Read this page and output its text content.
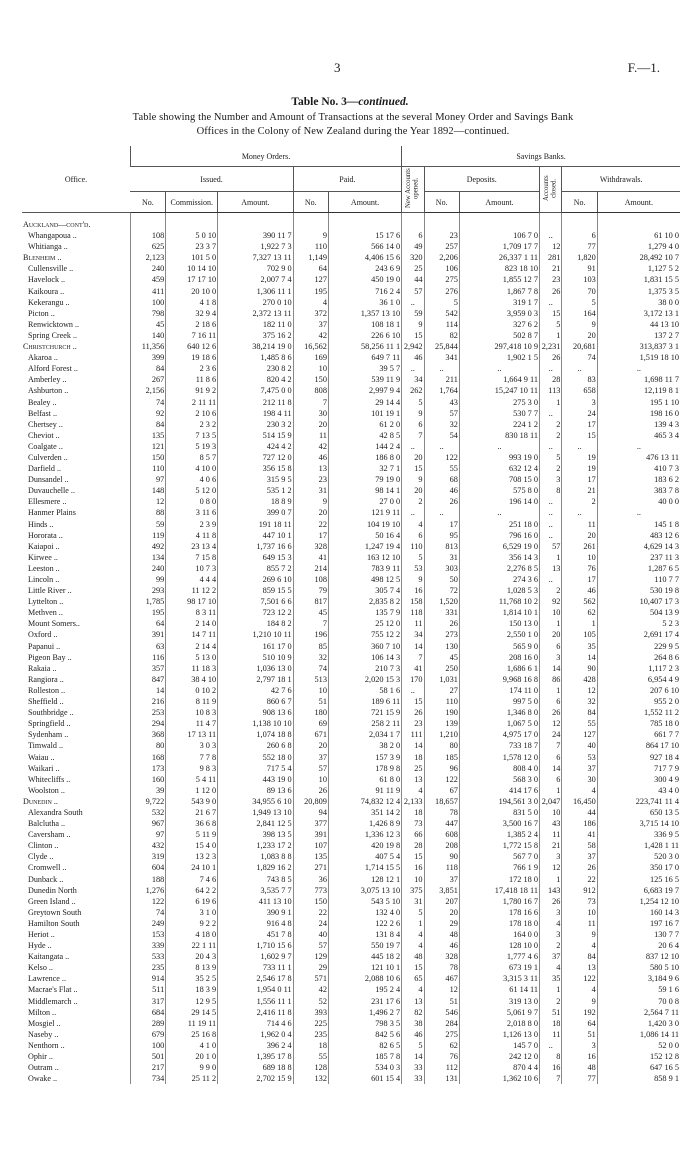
3	F.—1.
Table No. 3—continued.
Table showing the Number and Amount of Transactions at the several Money Order and Savings Bank
Offices in the Colony of New Zealand during the Year 1892—continued.
Office.	Money Orders.					Savings Banks.					
	Issued.			Paid.		New Accounts opened.	Deposits.		Accounts closed.	Withdrawals.	
	No.	Commission.	Amount.	No.	Amount.		No.	Amount.		No.	Amount.
Auckland—cont'd.											
Whangapoua ..	108	5 0 10	390 11 7	9	15 17 6	6	23	106 7 0	..	6	61 10 0
Whitianga ..	625	23 3 7	1,922 7 3	110	566 14 0	49	257	1,709 17 7	12	77	1,279 4 0
Blenheim ..	2,123	101 5 0	7,327 13 11	1,149	4,406 15 6	320	2,206	26,337 1 11	281	1,820	28,492 10 7
Cullensville ..	240	10 14 10	702 9 0	64	243 6 9	25	106	823 18 10	21	91	1,127 5 2
Havelock ..	459	17 17 10	2,007 7 4	127	450 19 0	44	275	1,855 12 7	23	103	1,831 15 5
Kaikoura ..	411	20 10 0	1,306 11 1	195	716 2 4	57	276	1,867 7 8	26	70	1,375 3 5
Kekerangu ..	100	4 1 8	270 0 10	4	36 1 0	..	5	319 1 7	..	5	38 0 0
Picton ..	798	32 9 4	2,372 13 11	372	1,357 13 10	59	542	3,959 0 3	15	164	3,172 13 1
Renwicktown ..	45	2 18 6	182 11 0	37	108 18 1	9	114	327 6 2	5	9	44 13 10
Spring Creek ..	140	7 16 11	375 16 2	42	226 6 10	15	82	502 8 7	1	20	137 2 7
Christchurch ..	11,356	640 12 6	38,214 19 0	16,562	58,256 11 1	2,942	25,844	297,418 10 9	2,231	20,681	313,837 3 1
Akaroa ..	399	19 18 6	1,485 8 6	169	649 7 11	46	341	1,902 1 5	26	74	1,519 18 10
Alford Forest ..	84	2 3 6	230 8 2	10	39 5 7	..	..	..	..	..	..
Amberley ..	267	11 8 6	820 4 2	150	539 11 9	34	211	1,664 9 11	28	83	1,698 11 7
Ashburton ..	2,156	91 9 2	7,475 0 0	808	2,997 9 4	262	1,764	15,247 10 11	113	658	12,119 8 1
Bealey ..	74	2 11 11	212 11 8	7	29 14 4	5	43	275 3 0	1	3	195 1 10
Belfast ..	92	2 10 6	198 4 11	30	101 19 1	9	57	530 7 7	..	24	198 16 0
Chertsey ..	84	2 3 2	230 3 2	20	61 2 0	6	32	224 1 2	2	17	139 4 3
Cheviot ..	135	7 13 5	514 15 9	11	42 8 5	7	54	830 18 11	2	15	465 3 4
Coalgate ..	121	5 19 3	424 4 2	42	144 2 4	..	..	..	..	..	..
Culverden ..	150	8 5 7	727 12 0	46	186 8 0	20	122	993 19 0	5	19	476 13 11
Darfield ..	110	4 10 0	356 15 8	13	32 7 1	15	55	632 12 4	2	19	410 7 3
Dunsandel ..	97	4 0 6	315 9 5	23	79 19 0	9	68	708 15 0	3	17	183 6 2
Duvauchelle ..	148	5 12 0	535 1 2	31	98 14 1	20	46	575 8 0	8	21	383 7 8
Ellesmere ..	12	0 8 0	18 8 9	9	27 0 0	2	26	196 14 0	..	2	40 0 0
Hanmer Plains	88	3 11 6	399 0 7	20	121 9 11	..	..	..	..	..	..
Hinds ..	59	2 3 9	191 18 11	22	104 19 10	4	17	251 18 0	..	11	145 1 8
Hororata ..	119	4 11 8	447 10 1	17	50 16 4	6	95	796 16 0	..	20	483 12 6
Kaiapoi ..	492	23 13 4	1,737 16 6	328	1,247 19 4	110	813	6,529 19 0	57	261	4,629 14 3
Kirwee ..	134	7 15 8	649 15 3	41	163 12 10	5	31	356 14 3	1	10	237 11 3
Leeston ..	240	10 7 3	855 7 2	214	783 9 11	53	303	2,276 8 5	13	76	1,287 6 5
Lincoln ..	99	4 4 4	269 6 10	108	498 12 5	9	50	274 3 6	..	17	110 7 7
Little River ..	293	11 12 2	859 15 5	79	305 7 4	16	72	1,028 5 3	2	46	530 19 8
Lyttelton ..	1,785	98 17 10	7,501 6 6	817	2,835 8 2	158	1,520	11,768 10 2	92	562	10,407 17 3
Methven ..	195	8 3 11	723 12 2	45	135 7 9	118	331	1,814 10 1	10	62	504 13 9
Mount Somers..	64	2 14 0	184 8 2	7	25 12 0	11	26	150 13 0	1	1	5 2 3
Oxford ..	391	14 7 11	1,210 10 11	196	755 12 2	34	273	2,550 1 0	20	105	2,691 17 4
Papanui ..	63	2 14 4	161 17 0	85	360 7 10	14	130	565 9 0	6	35	229 9 5
Pigeon Bay ..	116	5 13 0	510 10 9	32	106 14 3	7	45	208 16 0	3	14	264 8 6
Rakaia ..	357	11 18 3	1,036 13 0	74	210 7 3	41	250	1,686 6 1	14	90	1,117 2 3
Rangiora ..	847	38 4 10	2,797 18 1	513	2,020 15 3	170	1,031	9,968 16 8	86	428	6,954 4 9
Rolleston ..	14	0 10 2	42 7 6	10	58 1 6	..	27	174 11 0	1	12	207 6 10
Sheffield ..	216	8 11 9	860 6 7	51	189 6 11	15	110	997 5 0	6	32	955 2 0
Southbridge ..	253	10 8 3	908 13 6	180	721 15 9	26	190	1,346 8 0	26	84	1,552 11 2
Springfield ..	294	11 4 7	1,138 10 10	69	258 2 11	23	139	1,067 5 0	12	55	785 18 0
Sydenham ..	368	17 13 11	1,074 18 8	671	2,034 1 7	111	1,210	4,975 17 0	24	127	661 7 7
Timwald ..	80	3 0 3	260 6 8	20	38 2 0	14	80	733 18 7	7	40	864 17 10
Waiau ..	168	7 7 8	552 18 0	37	157 3 9	18	185	1,578 12 0	6	53	927 18 4
Waikari ..	173	9 8 3	717 5 4	57	178 9 8	25	96	808 4 0	14	37	717 7 9
Whitecliffs ..	160	5 4 11	443 19 0	10	61 8 0	13	122	568 3 0	6	30	300 4 9
Woolston ..	39	1 12 0	89 13 6	26	91 11 9	4	67	414 17 6	1	4	43 4 0
Dunedin ..	9,722	543 9 0	34,955 6 10	20,809	74,832 12 4	2,133	18,657	194,561 3 0	2,047	16,450	223,741 11 4
Alexandra South	532	21 6 7	1,949 13 10	94	351 14 2	18	78	831 5 0	10	44	650 13 5
Balclutha ..	967	36 6 8	2,841 12 5	377	1,426 8 9	73	447	3,500 16 7	43	186	3,715 14 10
Caversham ..	97	5 11 9	398 13 5	391	1,336 12 3	66	608	1,385 2 4	11	41	336 9 5
Clinton ..	432	15 4 0	1,233 17 2	107	420 19 8	28	208	1,772 15 8	21	58	1,428 1 11
Clyde ..	319	13 2 3	1,083 8 8	135	407 5 4	15	90	567 7 0	3	37	520 3 0
Cromwell ..	604	24 10 1	1,829 16 2	271	1,714 15 5	16	118	766 1 9	12	26	350 17 0
Dunback ..	188	7 4 6	743 8 5	36	128 12 1	10	37	172 18 0	1	22	125 16 5
Dunedin North	1,276	64 2 2	3,535 7 7	773	3,075 13 10	375	3,851	17,418 18 11	143	912	6,683 19 7
Green Island ..	122	6 19 6	411 13 10	150	543 5 10	31	207	1,780 16 7	26	73	1,254 12 10
Greytown South	74	3 1 0	390 9 1	22	132 4 0	5	20	178 16 6	3	10	160 14 3
Hamilton South	249	9 2 2	916 4 8	24	122 2 6	1	29	178 18 0	4	11	197 16 7
Heriot ..	153	4 18 0	451 7 8	40	131 8 4	4	48	164 0 0	3	9	130 7 7
Hyde ..	339	22 1 11	1,710 15 6	57	550 19 7	4	46	128 10 0	2	4	20 6 4
Kaitangata ..	533	20 4 3	1,602 9 7	129	445 18 2	48	328	1,777 4 6	37	84	837 12 10
Kelso ..	235	8 13 9	733 11 1	29	121 10 1	15	78	673 19 1	4	13	580 5 10
Lawrence ..	914	35 2 5	2,546 17 8	571	2,088 10 6	65	467	3,315 3 11	35	122	3,184 9 6
Macrae's Flat ..	511	18 3 9	1,954 0 11	42	195 2 4	4	12	61 14 11	1	4	59 1 6
Middlemarch ..	317	12 9 5	1,556 11 1	52	231 17 6	13	51	319 13 0	2	9	70 0 8
Milton ..	684	29 14 5	2,416 11 8	393	1,496 2 7	82	546	5,061 9 7	51	192	2,564 7 11
Mosgiel ..	289	11 19 11	714 4 6	225	798 3 5	38	284	2,018 8 0	18	64	1,420 3 0
Naseby ..	679	25 16 8	1,962 0 4	235	842 5 6	46	275	1,126 13 0	11	51	1,086 14 11
Nenthorn ..	100	4 1 0	396 2 4	18	82 6 5	5	62	145 7 0	..	3	52 0 0
Ophir ..	501	20 1 0	1,395 17 8	55	185 7 8	14	76	242 12 0	8	16	152 12 8
Outram ..	217	9 9 0	689 18 8	128	534 0 3	33	112	870 4 4	16	48	647 16 5
Owake ..	734	25 11 2	2,702 15 9	132	601 15 4	33	131	1,362 10 6	7	77	858 9 1
